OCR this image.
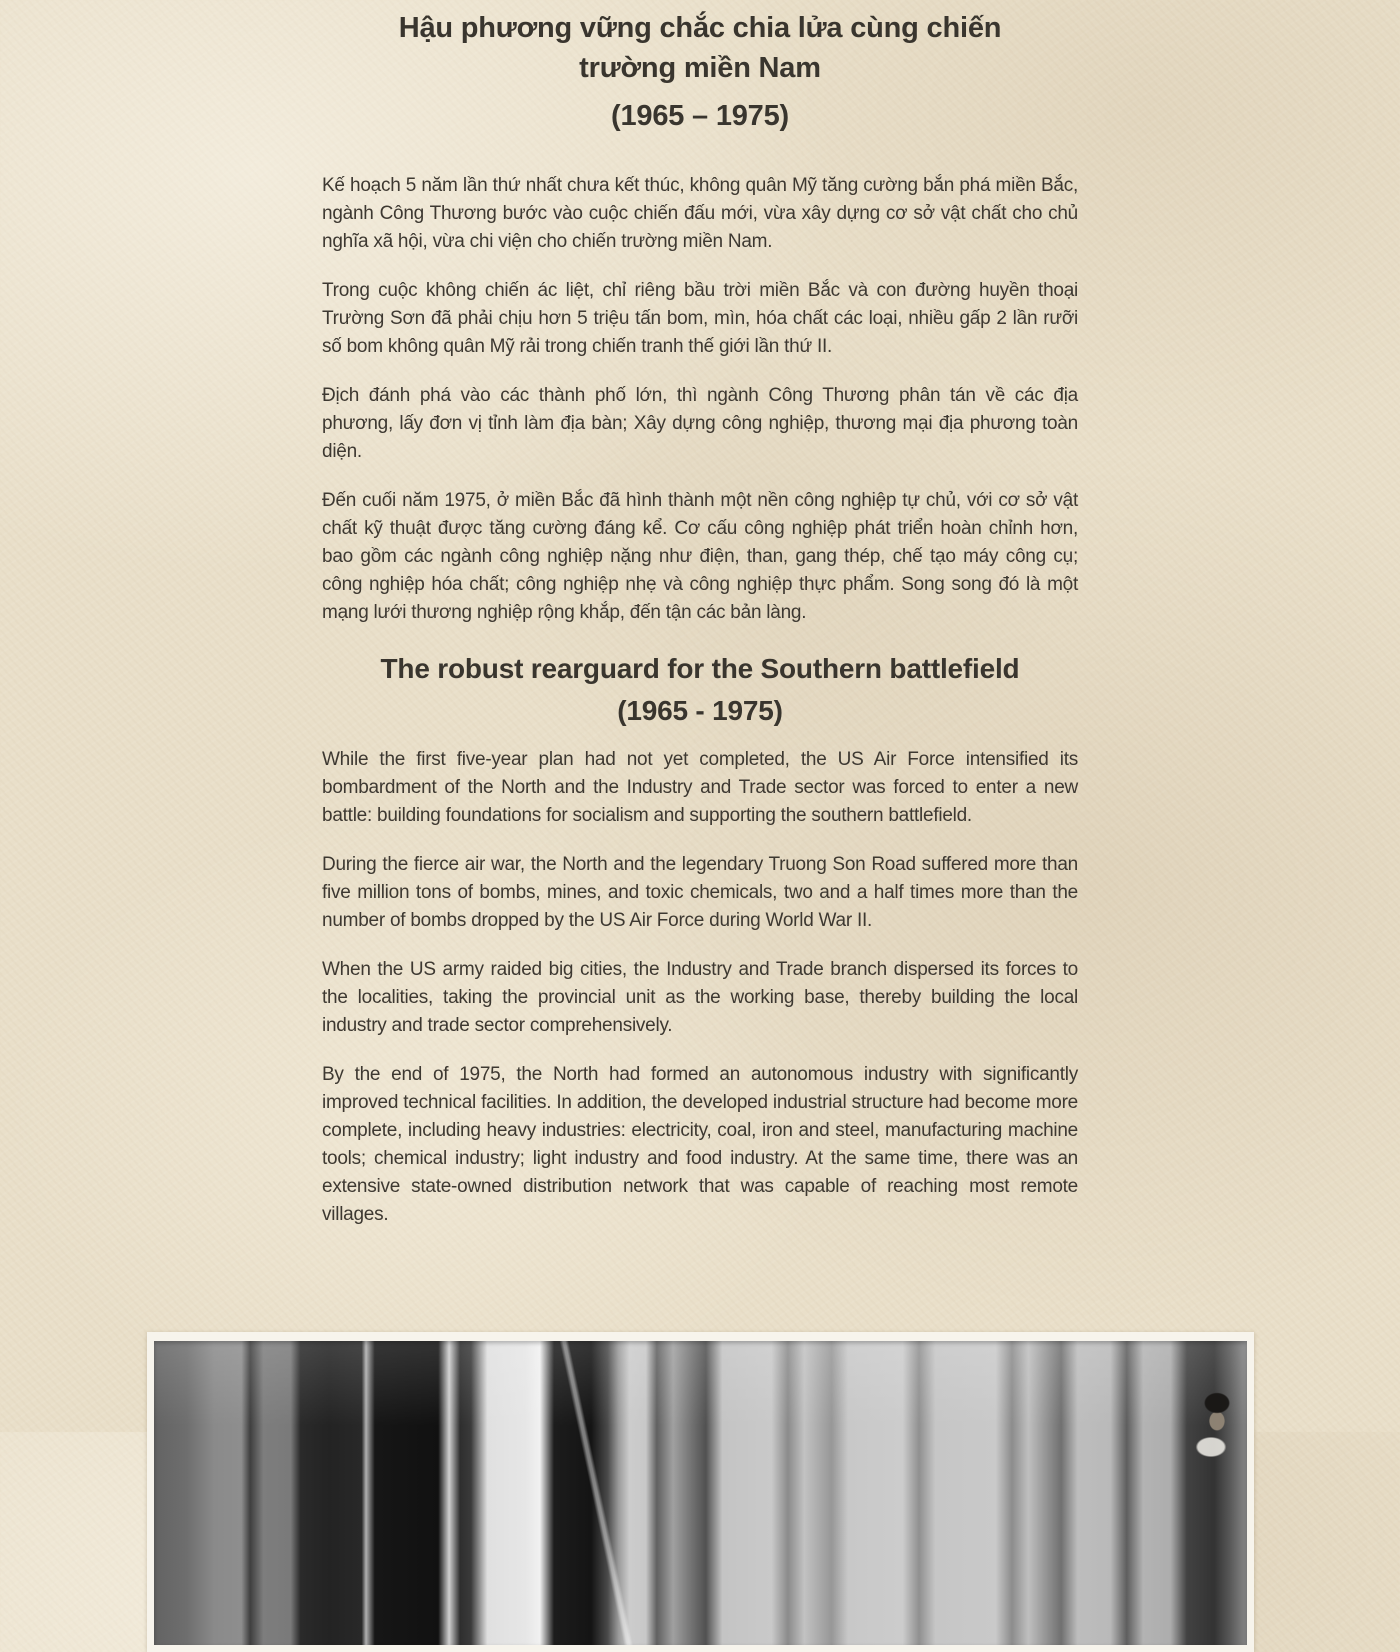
Hậu phương vững chắc chia lửa cùng chiến
trường miền Nam
(1965 – 1975)

Kế hoạch 5 năm lần thứ nhất chưa kết thúc, không quân Mỹ tăng cường bắn phá miền Bắc, ngành Công Thương bước vào cuộc chiến đấu mới, vừa xây dựng cơ sở vật chất cho chủ nghĩa xã hội, vừa chi viện cho chiến trường miền Nam.

Trong cuộc không chiến ác liệt, chỉ riêng bầu trời miền Bắc và con đường huyền thoại Trường Sơn đã phải chịu hơn 5 triệu tấn bom, mìn, hóa chất các loại, nhiều gấp 2 lần rưỡi số bom không quân Mỹ rải trong chiến tranh thế giới lần thứ II.

Địch đánh phá vào các thành phố lớn, thì ngành Công Thương phân tán về các địa phương, lấy đơn vị tỉnh làm địa bàn; Xây dựng công nghiệp, thương mại địa phương toàn diện.

Đến cuối năm 1975, ở miền Bắc đã hình thành một nền công nghiệp tự chủ, với cơ sở vật chất kỹ thuật được tăng cường đáng kể. Cơ cấu công nghiệp phát triển hoàn chỉnh hơn, bao gồm các ngành công nghiệp nặng như điện, than, gang thép, chế tạo máy công cụ; công nghiệp hóa chất; công nghiệp nhẹ và công nghiệp thực phẩm. Song song đó là một mạng lưới thương nghiệp rộng khắp, đến tận các bản làng.

The robust rearguard for the Southern battlefield
(1965 - 1975)

While the first five-year plan had not yet completed, the US Air Force intensified its bombardment of the North and the Industry and Trade sector was forced to enter a new battle: building foundations for socialism and supporting the southern battlefield.

During the fierce air war, the North and the legendary Truong Son Road suffered more than five million tons of bombs, mines, and toxic chemicals, two and a half times more than the number of bombs dropped by the US Air Force during World War II.

When the US army raided big cities, the Industry and Trade branch dispersed its forces to the localities, taking the provincial unit as the working base, thereby building the local industry and trade sector comprehensively.

By the end of 1975, the North had formed an autonomous industry with significantly improved technical facilities. In addition, the developed industrial structure had become more complete, including heavy industries: electricity, coal, iron and steel, manufacturing machine tools; chemical industry; light industry and food industry. At the same time, there was an extensive state-owned distribution network that was capable of reaching most remote villages.
